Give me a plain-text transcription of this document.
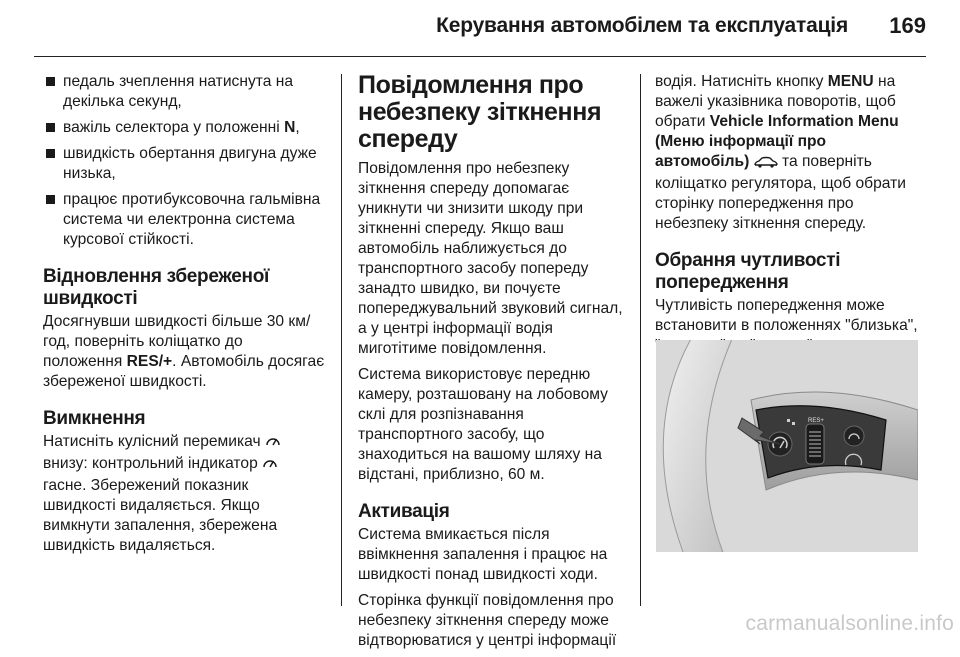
Керування автомобілем та експлуатація 169
педаль зчеплення натиснута на декілька секунд,
важіль селектора у положенні N,
швидкість обертання двигуна дуже низька,
працює протибуксовочна гальмівна система чи електронна система курсової стійкості.
Відновлення збереженої швидкості
Досягнувши швидкості більше 30 км/год, поверніть коліщатко до положення RES/+. Автомобіль досягає збереженої швидкості.
Вимкнення
Натисніть кулісний перемикач  внизу: контрольний індикатор  гасне. Збережений показник швидкості видаляється. Якщо вимкнути запалення, збережена швидкість видаляється.
Повідомлення про небезпеку зіткнення спереду
Повідомлення про небезпеку зіткнення спереду допомагає уникнути чи знизити шкоду при зіткненні спереду. Якщо ваш автомобіль наближується до транспортного засобу попереду занадто швидко, ви почуєте попереджувальний звуковий сигнал, а у центрі інформації водія миготітиме повідомлення.
Система використовує передню камеру, розташовану на лобовому склі для розпізнавання транспортного засобу, що знаходиться на вашому шляху на відстані, приблизно, 60 м.
Активація
Система вмикається після ввімкнення запалення і працює на швидкості понад швидкості ходи.
Сторінка функції повідомлення про небезпеку зіткнення спереду може відтворюватися у центрі інформації
водія. Натисніть кнопку MENU на важелі указівника поворотів, щоб обрати Vehicle Information Menu (Меню інформації про автомобіль)  та поверніть коліщатко регулятора, щоб обрати сторінку попередження про небезпеку зіткнення спереду.
Обрання чутливості попередження
Чутливість попередження може встановити в положеннях "близька",
RES+
carmanualsonline.info
